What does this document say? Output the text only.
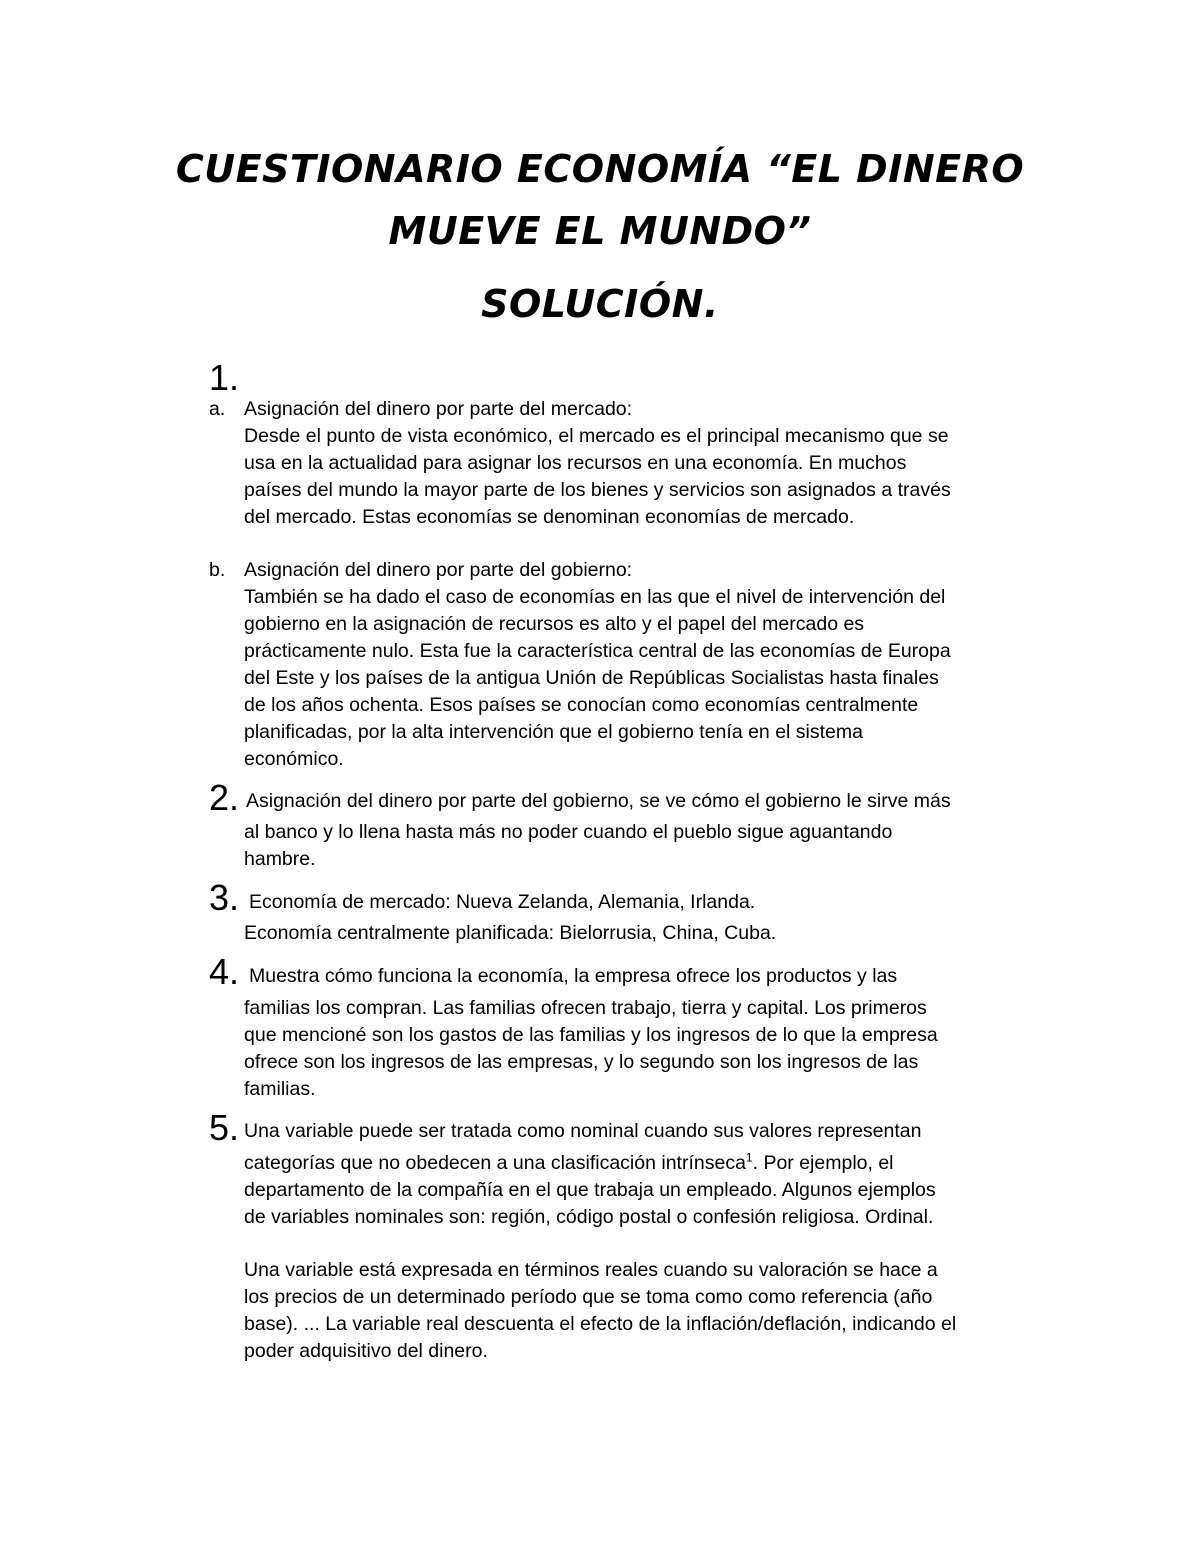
CUESTIONARIO ECONOMÍA “EL DINERO
MUEVE EL MUNDO”
SOLUCIÓN.
1.
a. Asignación del dinero por parte del mercado:
Desde el punto de vista económico, el mercado es el principal mecanismo que se
usa en la actualidad para asignar los recursos en una economía. En muchos
países del mundo la mayor parte de los bienes y servicios son asignados a través
del mercado. Estas economías se denominan economías de mercado.
b. Asignación del dinero por parte del gobierno:
También se ha dado el caso de economías en las que el nivel de intervención del
gobierno en la asignación de recursos es alto y el papel del mercado es
prácticamente nulo. Esta fue la característica central de las economías de Europa
del Este y los países de la antigua Unión de Repúblicas Socialistas hasta finales
de los años ochenta. Esos países se conocían como economías centralmente
planificadas, por la alta intervención que el gobierno tenía en el sistema
económico.
2. Asignación del dinero por parte del gobierno, se ve cómo el gobierno le sirve más
al banco y lo llena hasta más no poder cuando el pueblo sigue aguantando
hambre.
3. Economía de mercado: Nueva Zelanda, Alemania, Irlanda.
Economía centralmente planificada: Bielorrusia, China, Cuba.
4. Muestra cómo funciona la economía, la empresa ofrece los productos y las
familias los compran. Las familias ofrecen trabajo, tierra y capital. Los primeros
que mencioné son los gastos de las familias y los ingresos de lo que la empresa
ofrece son los ingresos de las empresas, y lo segundo son los ingresos de las
familias.
5. Una variable puede ser tratada como nominal cuando sus valores representan
categorías que no obedecen a una clasificación intrínseca$^1$. Por ejemplo, el
departamento de la compañía en el que trabaja un empleado. Algunos ejemplos
de variables nominales son: región, código postal o confesión religiosa. Ordinal.
Una variable está expresada en términos reales cuando su valoración se hace a
los precios de un determinado período que se toma como como referencia (año
base). ... La variable real descuenta el efecto de la inflación/deflación, indicando el
poder adquisitivo del dinero.
